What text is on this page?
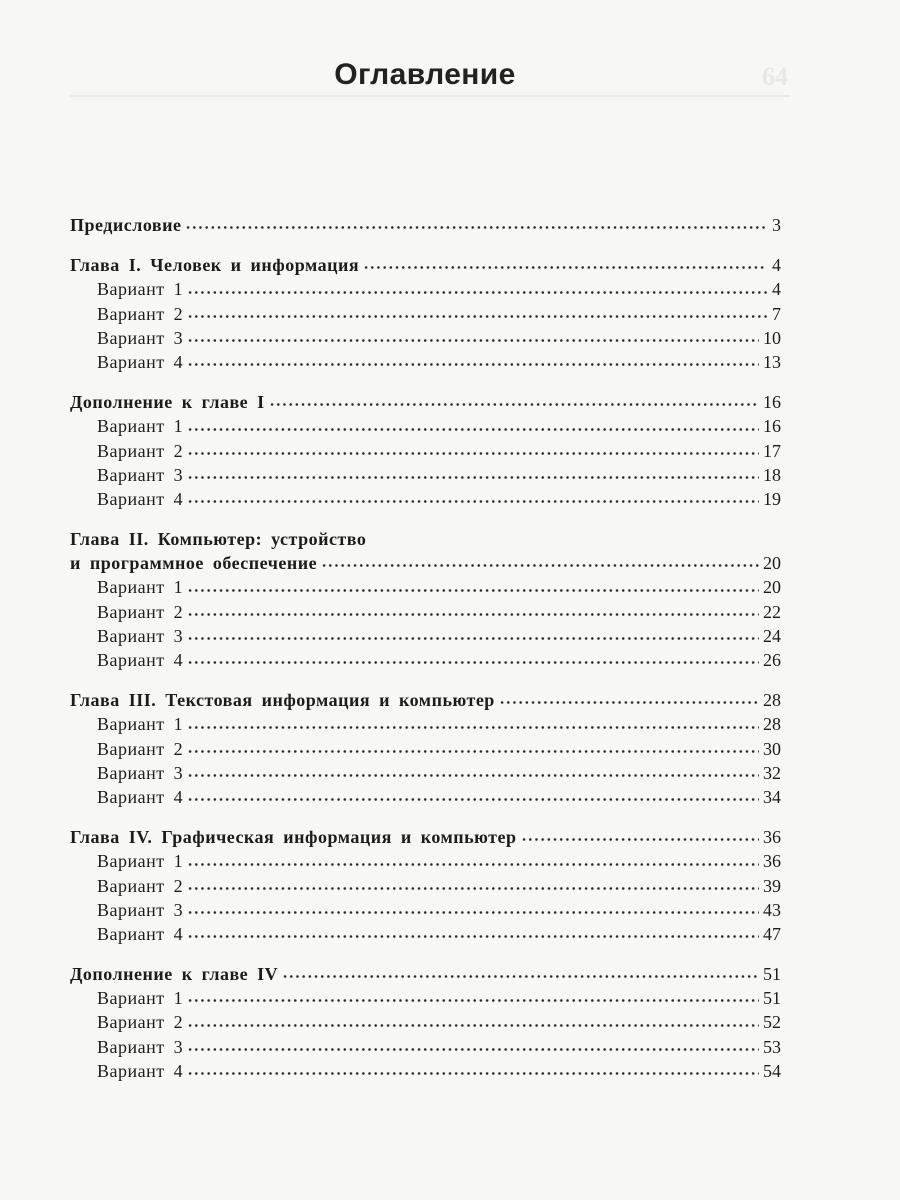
64
Оглавление
Предисловие	3
Глава I. Человек и информация	4
Вариант 1	4
Вариант 2	7
Вариант 3	10
Вариант 4	13
Дополнение к главе I	16
Вариант 1	16
Вариант 2	17
Вариант 3	18
Вариант 4	19
Глава II. Компьютер: устройство
и программное обеспечение	20
Вариант 1	20
Вариант 2	22
Вариант 3	24
Вариант 4	26
Глава III. Текстовая информация и компьютер	28
Вариант 1	28
Вариант 2	30
Вариант 3	32
Вариант 4	34
Глава IV. Графическая информация и компьютер	36
Вариант 1	36
Вариант 2	39
Вариант 3	43
Вариант 4	47
Дополнение к главе IV	51
Вариант 1	51
Вариант 2	52
Вариант 3	53
Вариант 4	54
